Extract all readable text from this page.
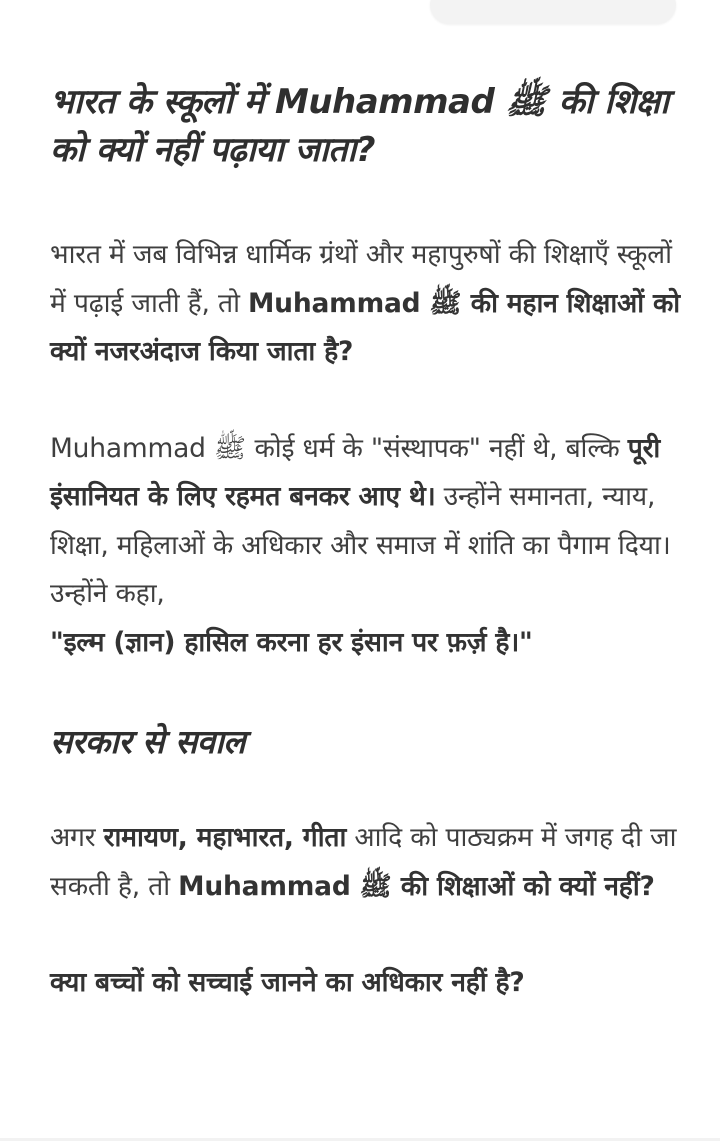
भारत के स्कूलों में Muhammad ﷺ की शिक्षा को क्यों नहीं पढ़ाया जाता?

भारत में जब विभिन्न धार्मिक ग्रंथों और महापुरुषों की शिक्षाएँ स्कूलों में पढ़ाई जाती हैं, तो Muhammad ﷺ की महान शिक्षाओं को क्यों नजरअंदाज किया जाता है?

Muhammad ﷺ कोई धर्म के "संस्थापक" नहीं थे, बल्कि पूरी इंसानियत के लिए रहमत बनकर आए थे। उन्होंने समानता, न्याय, शिक्षा, महिलाओं के अधिकार और समाज में शांति का पैगाम दिया। उन्होंने कहा,
"इल्म (ज्ञान) हासिल करना हर इंसान पर फ़र्ज़ है।"

सरकार से सवाल

अगर रामायण, महाभारत, गीता आदि को पाठ्यक्रम में जगह दी जा सकती है, तो Muhammad ﷺ की शिक्षाओं को क्यों नहीं?

क्या बच्चों को सच्चाई जानने का अधिकार नहीं है?
